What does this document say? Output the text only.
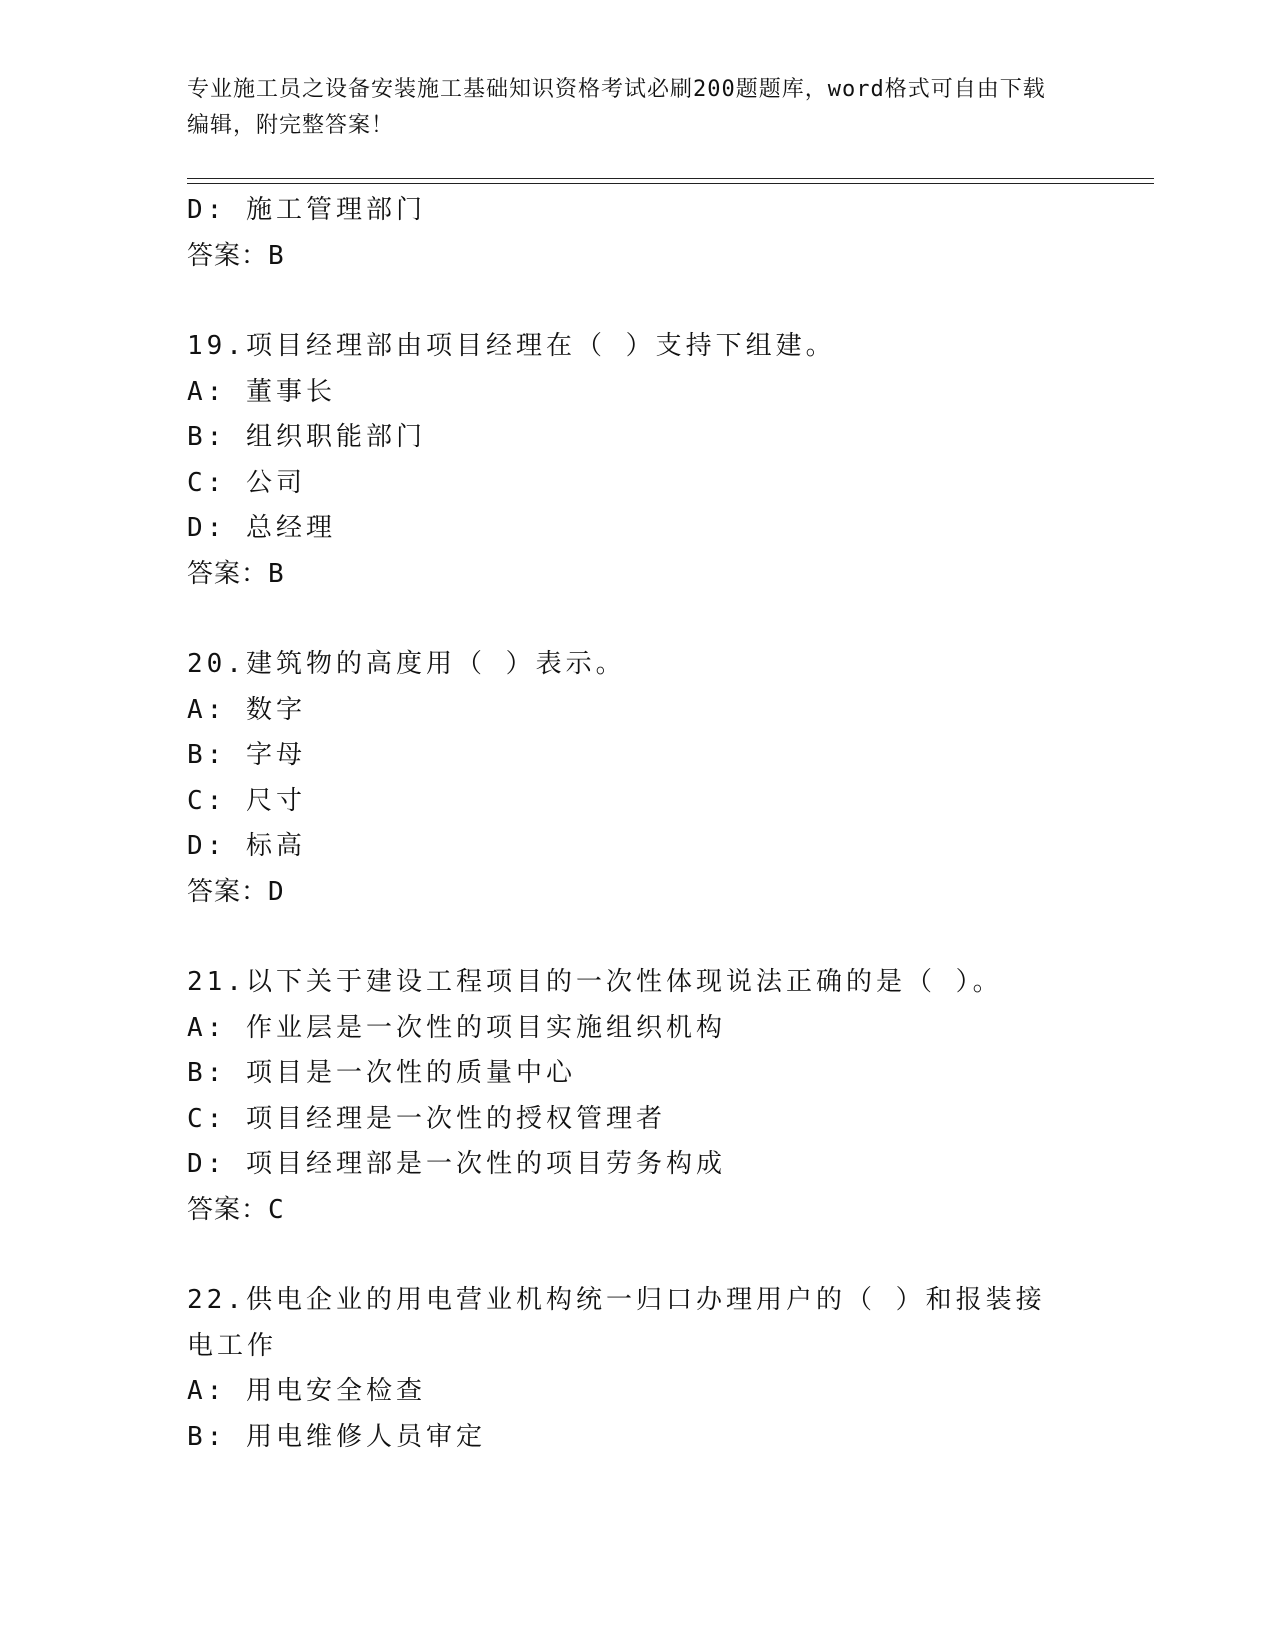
专业施工员之设备安装施工基础知识资格考试必刷200题题库，word格式可自由下载编辑，附完整答案！
D: 施工管理部门
答案：B
19.项目经理部由项目经理在（ ）支持下组建。
A: 董事长
B: 组织职能部门
C: 公司
D: 总经理
答案：B
20.建筑物的高度用（ ）表示。
A: 数字
B: 字母
C: 尺寸
D: 标高
答案：D
21.以下关于建设工程项目的一次性体现说法正确的是（ ）。
A: 作业层是一次性的项目实施组织机构
B: 项目是一次性的质量中心
C: 项目经理是一次性的授权管理者
D: 项目经理部是一次性的项目劳务构成
答案：C
22.供电企业的用电营业机构统一归口办理用户的（ ）和报装接电工作
A: 用电安全检查
B: 用电维修人员审定
